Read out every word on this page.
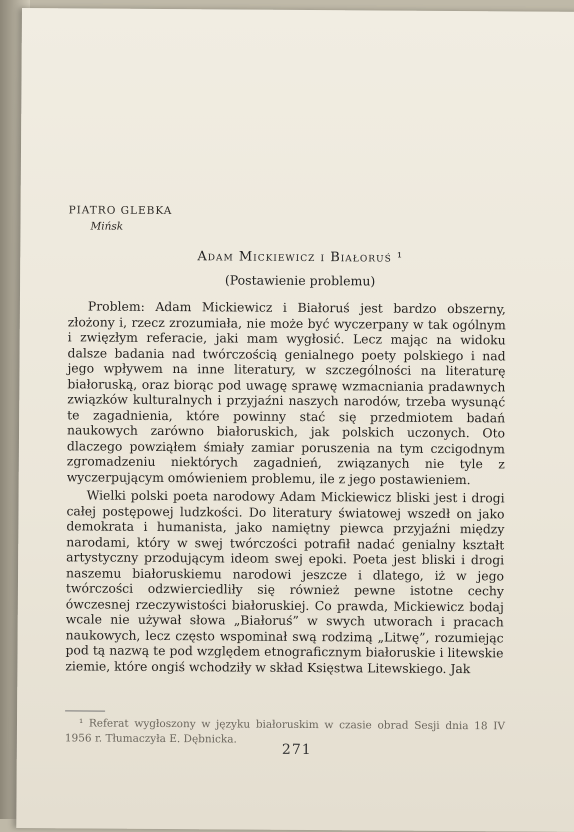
PIATRO GLEBKA
Mińsk
Adam Mickiewicz i Białoruś ¹
(Postawienie problemu)

Problem: Adam Mickiewicz i Białoruś jest bardzo obszerny, złożony i, rzecz zrozumiała, nie może być wyczerpany w tak ogólnym i zwięzłym referacie, jaki mam wygłosić. Lecz mając na widoku dalsze badania nad twórczością genialnego poety polskiego i nad jego wpływem na inne literatury, w szczególności na literaturę białoruską, oraz biorąc pod uwagę sprawę wzmacniania pradawnych związków kulturalnych i przyjaźni naszych narodów, trzeba wysunąć te zagadnienia, które powinny stać się przedmiotem badań naukowych zarówno białoruskich, jak polskich uczonych. Oto dlaczego powziąłem śmiały zamiar poruszenia na tym czcigodnym zgromadzeniu niektórych zagadnień, związanych nie tyle z wyczerpującym omówieniem problemu, ile z jego postawieniem.

Wielki polski poeta narodowy Adam Mickiewicz bliski jest i drogi całej postępowej ludzkości. Do literatury światowej wszedł on jako demokrata i humanista, jako namiętny piewca przyjaźni między narodami, który w swej twórczości potrafił nadać genialny kształt artystyczny przodującym ideom swej epoki. Poeta jest bliski i drogi naszemu białoruskiemu narodowi jeszcze i dlatego, iż w jego twórczości odzwierciedliły się również pewne istotne cechy ówczesnej rzeczywistości białoruskiej. Co prawda, Mickiewicz bodaj wcale nie używał słowa „Białoruś” w swych utworach i pracach naukowych, lecz często wspominał swą rodzimą „Litwę”, rozumiejąc pod tą nazwą te pod względem etnograficznym białoruskie i litewskie ziemie, które ongiś wchodziły w skład Księstwa Litewskiego. Jak

¹ Referat wygłoszony w języku białoruskim w czasie obrad Sesji dnia 18 IV 1956 r. Tłumaczyła E. Dębnicka.
271
